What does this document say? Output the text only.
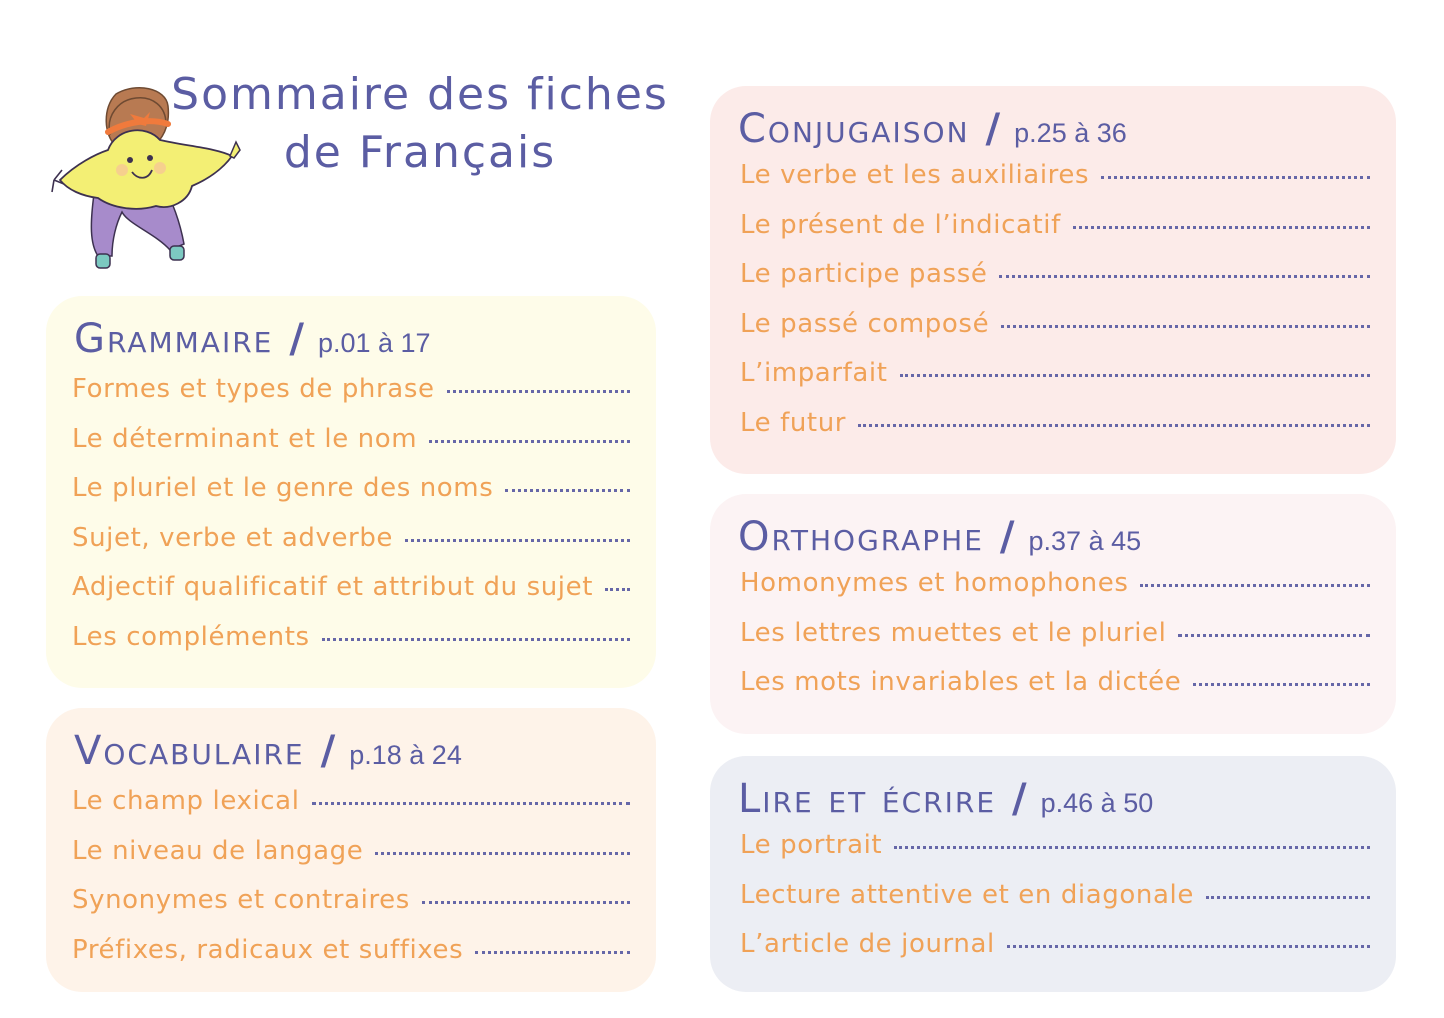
Sommaire des fiches
de Français
Grammaire / p.01 à 17
Formes et types de phrase
Le déterminant et le nom
Le pluriel et le genre des noms
Sujet, verbe et adverbe
Adjectif qualificatif et attribut du sujet
Les compléments
Vocabulaire / p.18 à 24
Le champ lexical
Le niveau de langage
Synonymes et contraires
Préfixes, radicaux et suffixes
Conjugaison / p.25 à 36
Le verbe et les auxiliaires
Le présent de l’indicatif
Le participe passé
Le passé composé
L’imparfait
Le futur
Orthographe / p.37 à 45
Homonymes et homophones
Les lettres muettes et le pluriel
Les mots invariables et la dictée
Lire et écrire / p.46 à 50
Le portrait
Lecture attentive et en diagonale
L’article de journal
